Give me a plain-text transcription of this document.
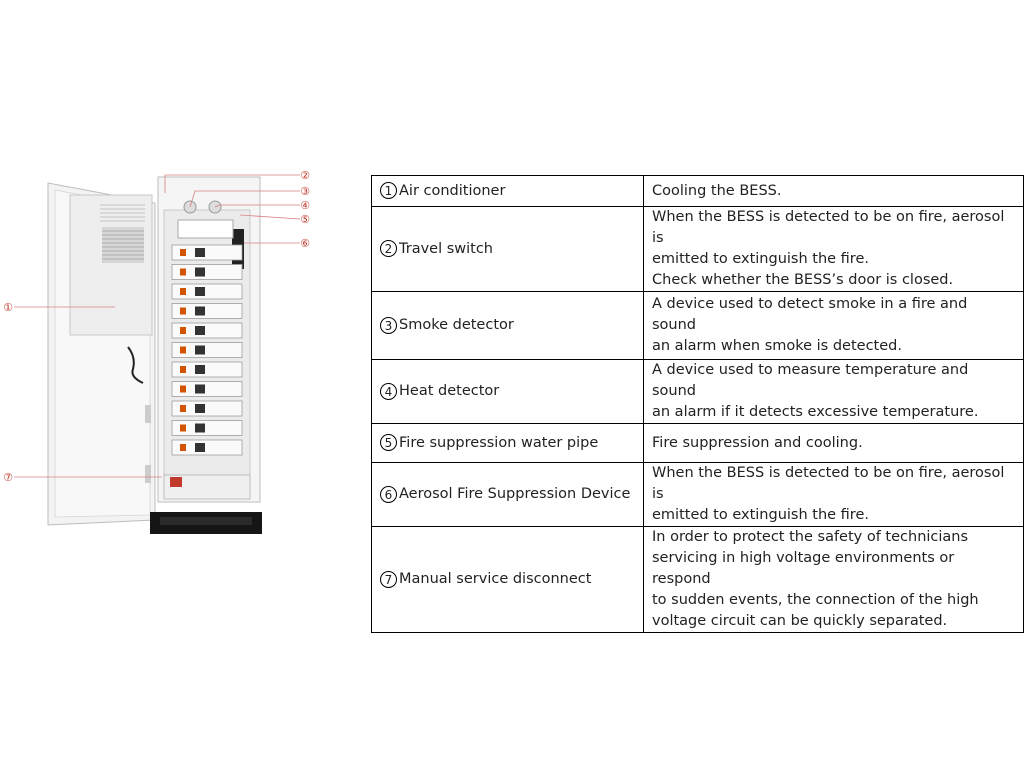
①
②
③
④
⑤
⑥
⑦
1 Air conditioner	Cooling the BESS.

2 Travel switch	When the BESS is detected to be on fire, aerosol is
emitted to extinguish the fire.
Check whether the BESS’s door is closed.

3 Smoke detector	A device used to detect smoke in a fire and sound
an alarm when smoke is detected.

4 Heat detector	A device used to measure temperature and sound
an alarm if it detects excessive temperature.

5 Fire suppression water pipe	Fire suppression and cooling.

6 Aerosol Fire Suppression Device	When the BESS is detected to be on fire, aerosol is
emitted to extinguish the fire.

7 Manual service disconnect	In order to protect the safety of technicians
servicing in high voltage environments or respond
to sudden events, the connection of the high
voltage circuit can be quickly separated.
